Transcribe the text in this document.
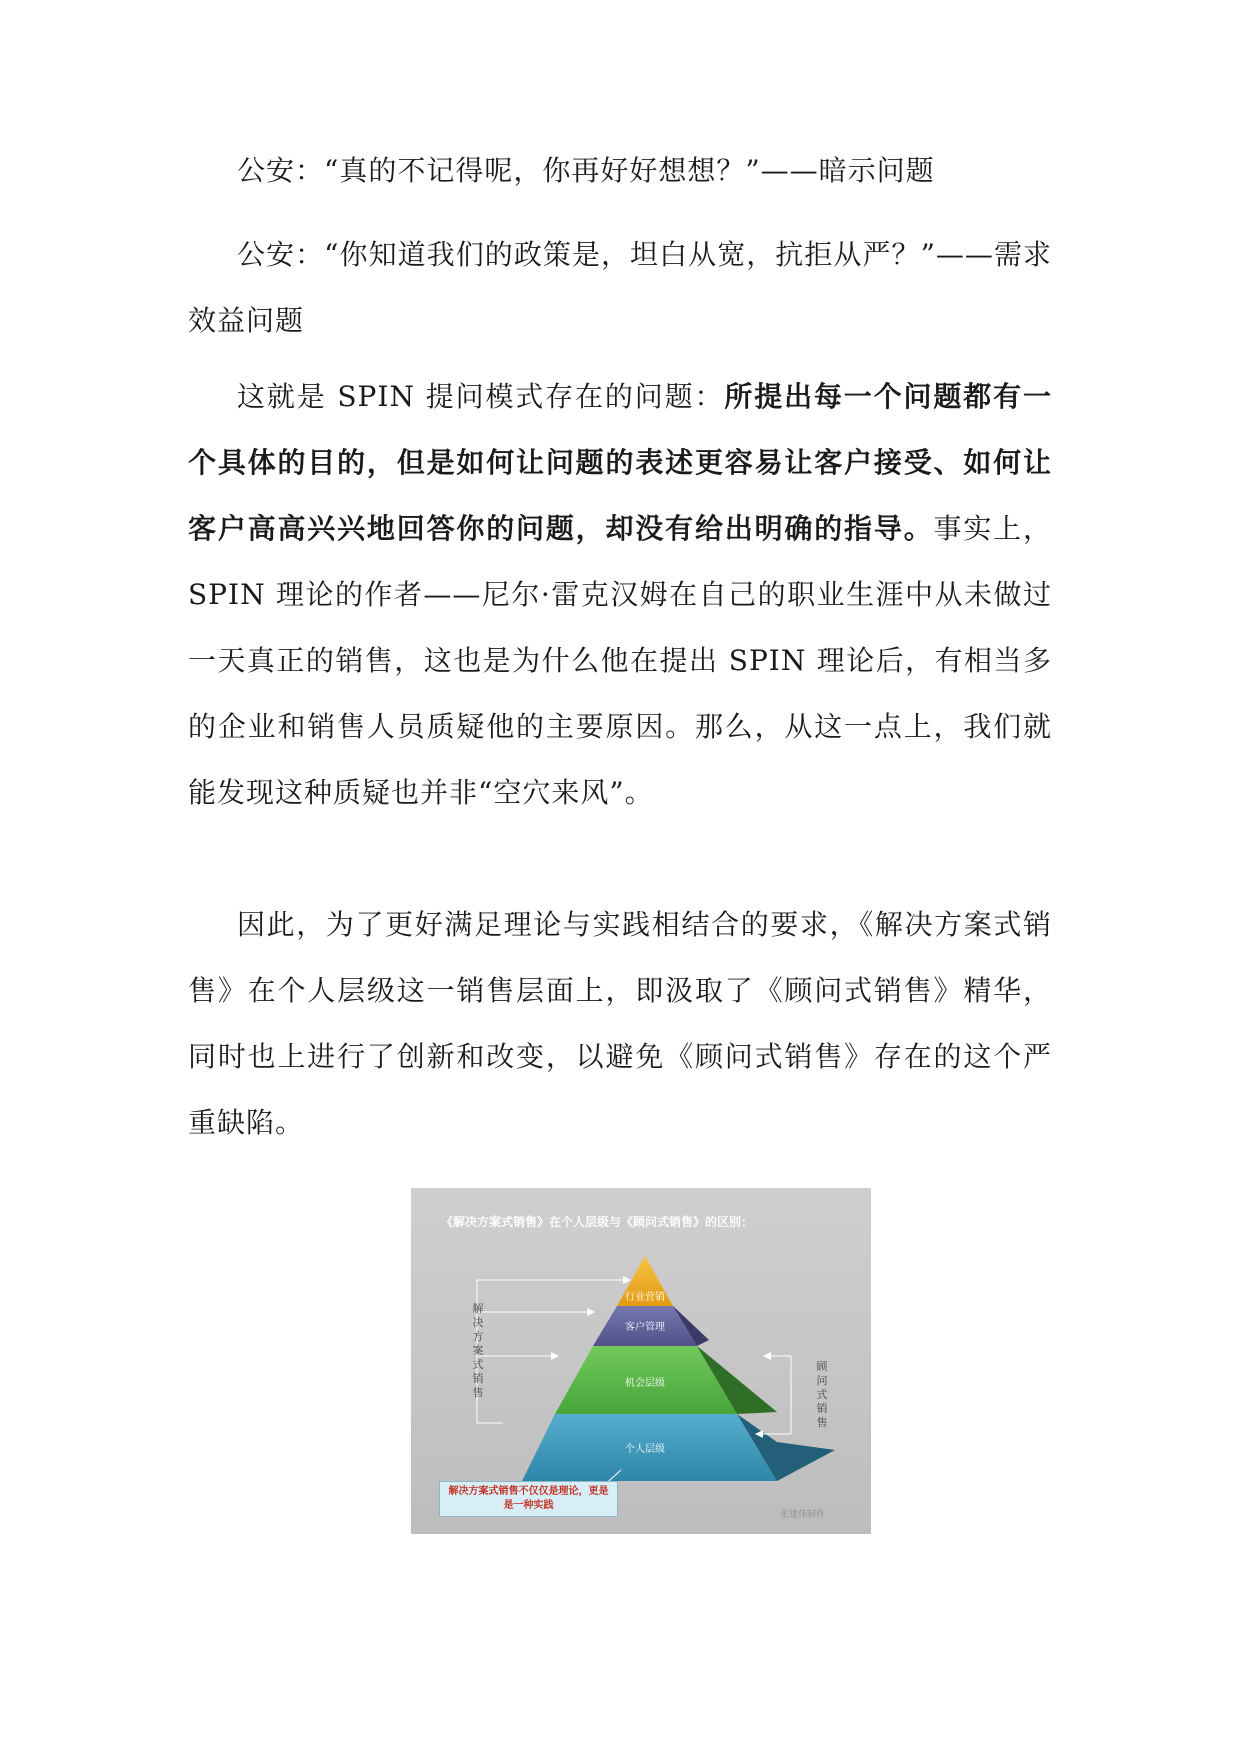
公安：“真的不记得呢，你再好好想想？”——暗示问题

公安：“你知道我们的政策是，坦白从宽，抗拒从严？”——需求效益问题

这就是 SPIN 提问模式存在的问题：所提出每一个问题都有一个具体的目的，但是如何让问题的表述更容易让客户接受、如何让客户高高兴兴地回答你的问题，却没有给出明确的指导。事实上，SPIN 理论的作者——尼尔·雷克汉姆在自己的职业生涯中从未做过一天真正的销售，这也是为什么他在提出 SPIN 理论后，有相当多的企业和销售人员质疑他的主要原因。那么，从这一点上，我们就能发现这种质疑也并非“空穴来风”。

因此，为了更好满足理论与实践相结合的要求，《解决方案式销售》在个人层级这一销售层面上，即汲取了《顾问式销售》精华，同时也上进行了创新和改变，以避免《顾问式销售》存在的这个严重缺陷。

《解决方案式销售》在个人层级与《顾问式销售》的区别：
行业营销
客户管理
机会层级
个人层级
解决方案式销售
顾问式销售
解决方案式销售不仅仅是理论，更是是一种实践
张建伟制作
